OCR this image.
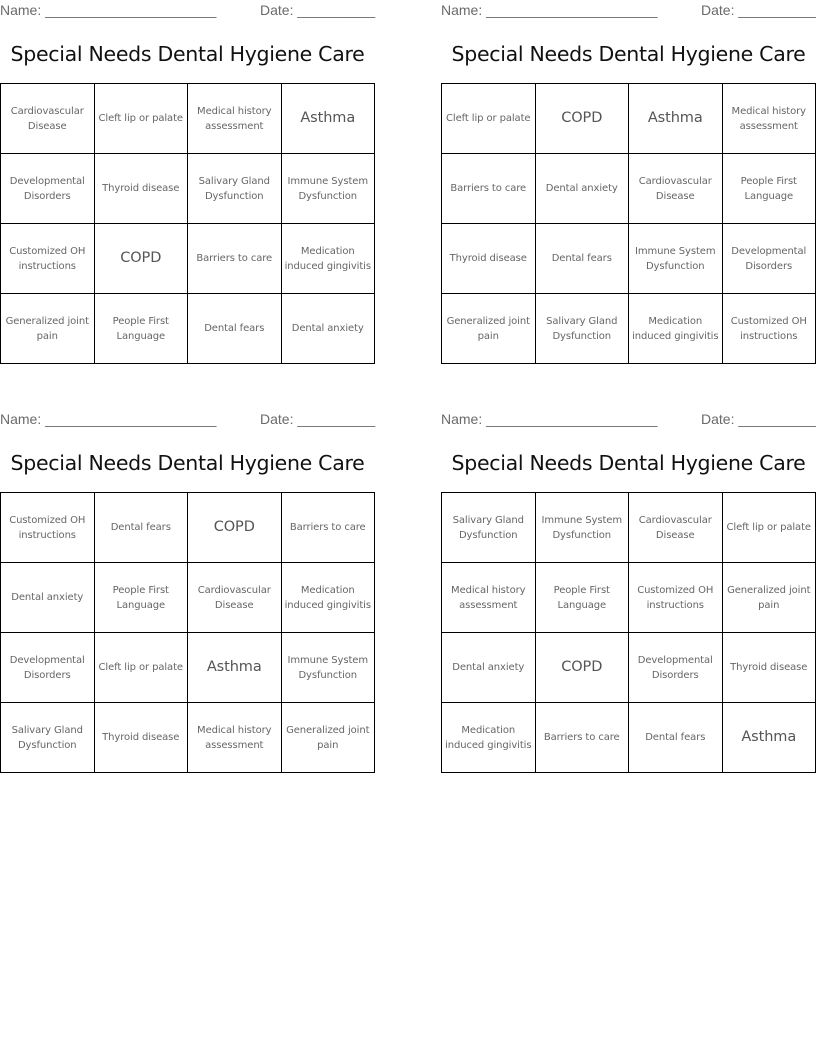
Name: ______________________	Date: __________
Special Needs Dental Hygiene Care
Cardiovascular Disease	Cleft lip or palate	Medical history assessment	Asthma
Developmental Disorders	Thyroid disease	Salivary Gland Dysfunction	Immune System Dysfunction
Customized OH instructions	COPD	Barriers to care	Medication induced gingivitis
Generalized joint pain	People First Language	Dental fears	Dental anxiety
Name: ______________________	Date: __________
Special Needs Dental Hygiene Care
Cleft lip or palate	COPD	Asthma	Medical history assessment
Barriers to care	Dental anxiety	Cardiovascular Disease	People First Language
Thyroid disease	Dental fears	Immune System Dysfunction	Developmental Disorders
Generalized joint pain	Salivary Gland Dysfunction	Medication induced gingivitis	Customized OH instructions
Name: ______________________	Date: __________
Special Needs Dental Hygiene Care
Customized OH instructions	Dental fears	COPD	Barriers to care
Dental anxiety	People First Language	Cardiovascular Disease	Medication induced gingivitis
Developmental Disorders	Cleft lip or palate	Asthma	Immune System Dysfunction
Salivary Gland Dysfunction	Thyroid disease	Medical history assessment	Generalized joint pain
Name: ______________________	Date: __________
Special Needs Dental Hygiene Care
Salivary Gland Dysfunction	Immune System Dysfunction	Cardiovascular Disease	Cleft lip or palate
Medical history assessment	People First Language	Customized OH instructions	Generalized joint pain
Dental anxiety	COPD	Developmental Disorders	Thyroid disease
Medication induced gingivitis	Barriers to care	Dental fears	Asthma
